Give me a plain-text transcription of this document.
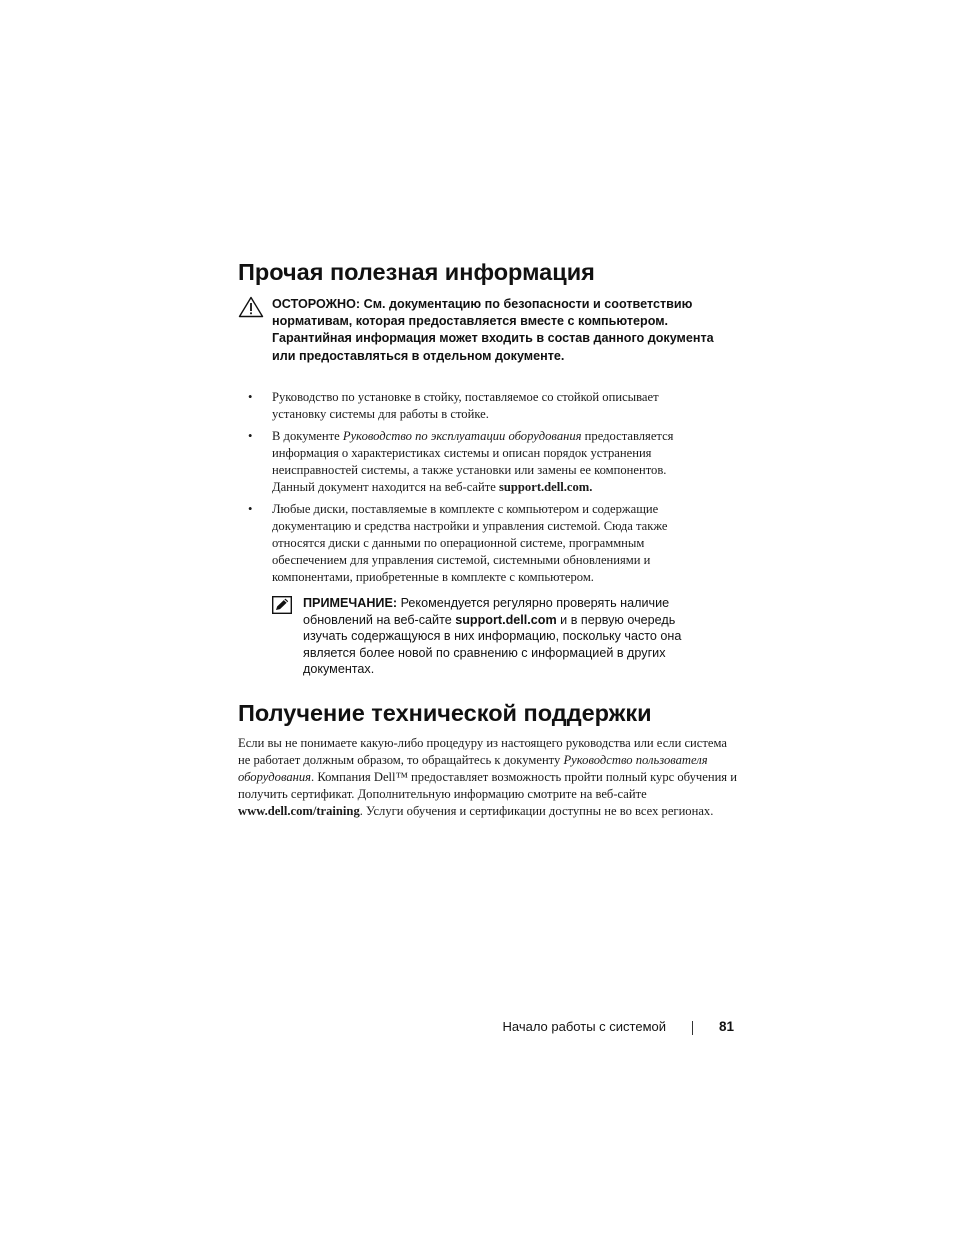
Прочая полезная информация

ОСТОРОЖНО: См. документацию по безопасности и соответствию нормативам, которая предоставляется вместе с компьютером. Гарантийная информация может входить в состав данного документа или предоставляться в отдельном документе.

• Руководство по установке в стойку, поставляемое со стойкой описывает установку системы для работы в стойке.

• В документе Руководство по эксплуатации оборудования предоставляется информация о характеристиках системы и описан порядок устранения неисправностей системы, а также установки или замены ее компонентов. Данный документ находится на веб-сайте support.dell.com.

• Любые диски, поставляемые в комплекте с компьютером и содержащие документацию и средства настройки и управления системой. Сюда также относятся диски с данными по операционной системе, программным обеспечением для управления системой, системными обновлениями и компонентами, приобретенные в комплекте с компьютером.

ПРИМЕЧАНИЕ: Рекомендуется регулярно проверять наличие обновлений на веб-сайте support.dell.com и в первую очередь изучать содержащуюся в них информацию, поскольку часто она является более новой по сравнению с информацией в других документах.

Получение технической поддержки

Если вы не понимаете какую-либо процедуру из настоящего руководства или если система не работает должным образом, то обращайтесь к документу Руководство пользователя оборудования. Компания Dell™ предоставляет возможность пройти полный курс обучения и получить сертификат. Дополнительную информацию смотрите на веб-сайте www.dell.com/training. Услуги обучения и сертификации доступны не во всех регионах.

Начало работы с системой	81
